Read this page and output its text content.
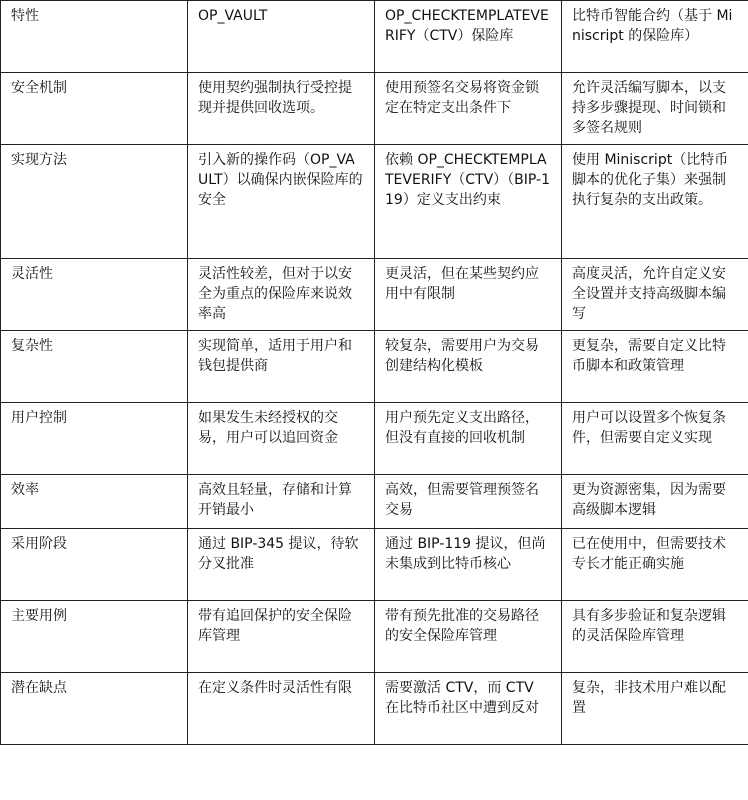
特性	OP_VAULT	OP_CHECKTEMPLATEVERIFY（CTV）保险库	比特币智能合约（基于 Miniscript 的保险库）
安全机制	使用契约强制执行受控提现并提供回收选项。	使用预签名交易将资金锁定在特定支出条件下	允许灵活编写脚本，以支持多步骤提现、时间锁和多签名规则
实现方法	引入新的操作码（OP_VAULT）以确保内嵌保险库的安全	依赖 OP_CHECKTEMPLATEVERIFY（CTV）（BIP-119）定义支出约束	使用 Miniscript（比特币脚本的优化子集）来强制执行复杂的支出政策。
灵活性	灵活性较差，但对于以安全为重点的保险库来说效率高	更灵活，但在某些契约应用中有限制	高度灵活，允许自定义安全设置并支持高级脚本编写
复杂性	实现简单，适用于用户和钱包提供商	较复杂，需要用户为交易创建结构化模板	更复杂，需要自定义比特币脚本和政策管理
用户控制	如果发生未经授权的交易，用户可以追回资金	用户预先定义支出路径，但没有直接的回收机制	用户可以设置多个恢复条件，但需要自定义实现
效率	高效且轻量，存储和计算开销最小	高效，但需要管理预签名交易	更为资源密集，因为需要高级脚本逻辑
采用阶段	通过 BIP-345 提议，待软分叉批准	通过 BIP-119 提议，但尚未集成到比特币核心	已在使用中，但需要技术专长才能正确实施
主要用例	带有追回保护的安全保险库管理	带有预先批准的交易路径的安全保险库管理	具有多步验证和复杂逻辑的灵活保险库管理
潜在缺点	在定义条件时灵活性有限	需要激活 CTV，而 CTV 在比特币社区中遭到反对	复杂，非技术用户难以配置
